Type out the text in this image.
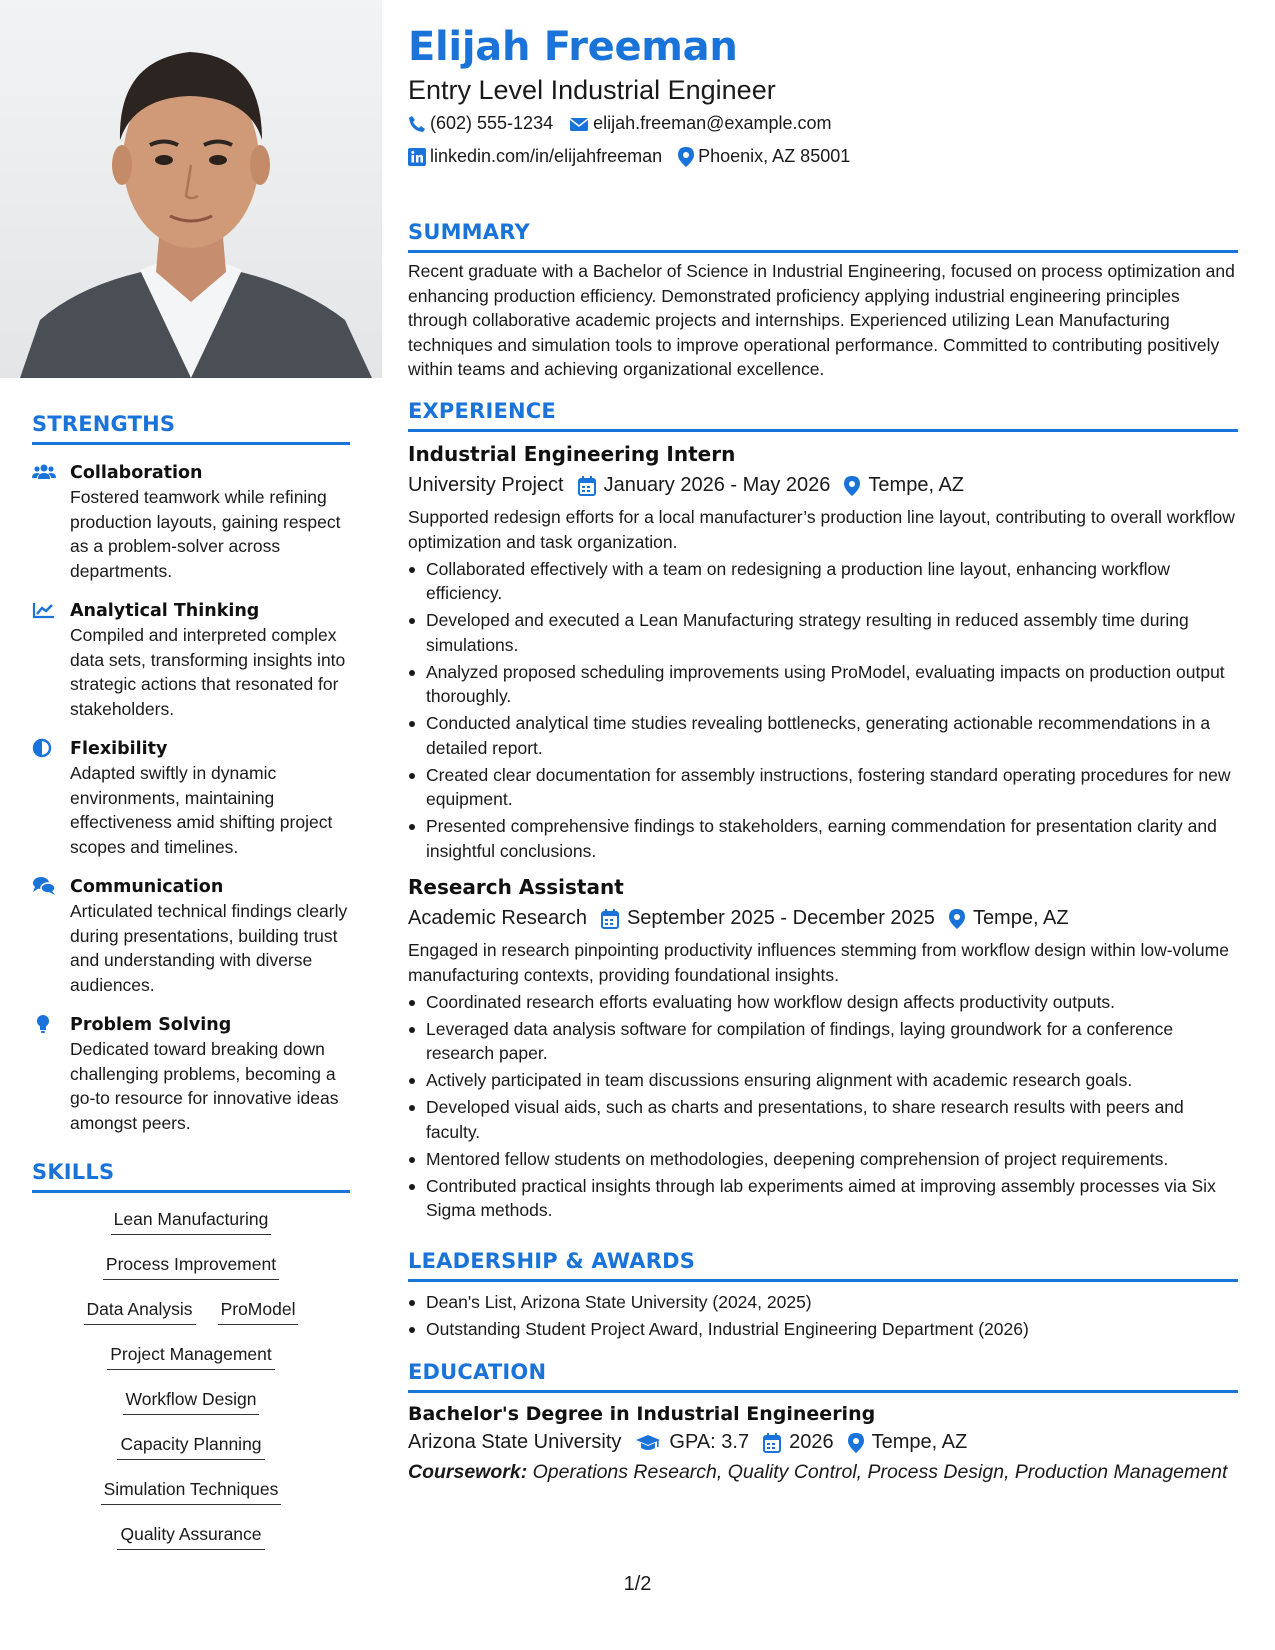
STRENGTHS
Collaboration
Fostered teamwork while refining production layouts, gaining respect as a problem-solver across departments.
Analytical Thinking
Compiled and interpreted complex data sets, transforming insights into strategic actions that resonated for stakeholders.
Flexibility
Adapted swiftly in dynamic environments, maintaining effectiveness amid shifting project scopes and timelines.
Communication
Articulated technical findings clearly during presentations, building trust and understanding with diverse audiences.
Problem Solving
Dedicated toward breaking down challenging problems, becoming a go-to resource for innovative ideas amongst peers.
SKILLS
Lean Manufacturing
Process Improvement
Data Analysis ProModel
Project Management
Workflow Design
Capacity Planning
Simulation Techniques
Quality Assurance
Elijah Freeman
Entry Level Industrial Engineer
(602) 555-1234 elijah.freeman@example.com
linkedin.com/in/elijahfreeman Phoenix, AZ 85001
SUMMARY
Recent graduate with a Bachelor of Science in Industrial Engineering, focused on process optimization and enhancing production efficiency. Demonstrated proficiency applying industrial engineering principles through collaborative academic projects and internships. Experienced utilizing Lean Manufacturing techniques and simulation tools to improve operational performance. Committed to contributing positively within teams and achieving organizational excellence.
EXPERIENCE
Industrial Engineering Intern
University Project January 2026 - May 2026 Tempe, AZ
Supported redesign efforts for a local manufacturer’s production line layout, contributing to overall workflow optimization and task organization.
Collaborated effectively with a team on redesigning a production line layout, enhancing workflow efficiency.
Developed and executed a Lean Manufacturing strategy resulting in reduced assembly time during simulations.
Analyzed proposed scheduling improvements using ProModel, evaluating impacts on production output thoroughly.
Conducted analytical time studies revealing bottlenecks, generating actionable recommendations in a detailed report.
Created clear documentation for assembly instructions, fostering standard operating procedures for new equipment.
Presented comprehensive findings to stakeholders, earning commendation for presentation clarity and insightful conclusions.
Research Assistant
Academic Research September 2025 - December 2025 Tempe, AZ
Engaged in research pinpointing productivity influences stemming from workflow design within low-volume manufacturing contexts, providing foundational insights.
Coordinated research efforts evaluating how workflow design affects productivity outputs.
Leveraged data analysis software for compilation of findings, laying groundwork for a conference research paper.
Actively participated in team discussions ensuring alignment with academic research goals.
Developed visual aids, such as charts and presentations, to share research results with peers and faculty.
Mentored fellow students on methodologies, deepening comprehension of project requirements.
Contributed practical insights through lab experiments aimed at improving assembly processes via Six Sigma methods.
LEADERSHIP & AWARDS
Dean's List, Arizona State University (2024, 2025)
Outstanding Student Project Award, Industrial Engineering Department (2026)
EDUCATION
Bachelor's Degree in Industrial Engineering
Arizona State University GPA: 3.7 2026 Tempe, AZ
Coursework: Operations Research, Quality Control, Process Design, Production Management
1/2
